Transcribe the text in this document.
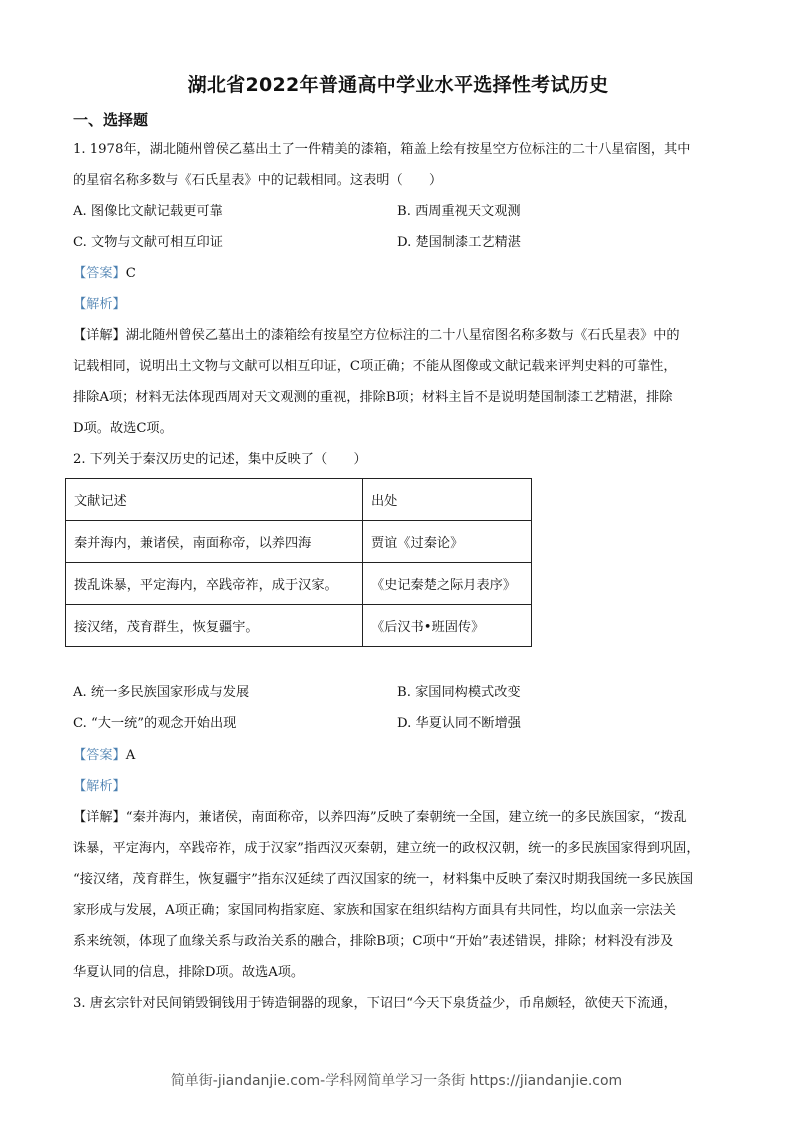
湖北省2022年普通高中学业水平选择性考试历史
一、选择题
1. 1978年，湖北随州曾侯乙墓出土了一件精美的漆箱，箱盖上绘有按星空方位标注的二十八星宿图，其中
的星宿名称多数与《石氏星表》中的记载相同。这表明（　　）
A. 图像比文献记载更可靠	B. 西周重视天文观测
C. 文物与文献可相互印证	D. 楚国制漆工艺精湛
【答案】C
【解析】
【详解】湖北随州曾侯乙墓出土的漆箱绘有按星空方位标注的二十八星宿图名称多数与《石氏星表》中的
记载相同，说明出土文物与文献可以相互印证，C项正确；不能从图像或文献记载来评判史料的可靠性，
排除A项；材料无法体现西周对天文观测的重视，排除B项；材料主旨不是说明楚国制漆工艺精湛，排除
D项。故选C项。
2. 下列关于秦汉历史的记述，集中反映了（　　）
文献记述	出处
秦并海内，兼诸侯，南面称帝，以养四海	贾谊《过秦论》
拨乱诛暴，平定海内，卒践帝祚，成于汉家。	《史记秦楚之际月表序》
接汉绪，茂育群生，恢复疆宇。	《后汉书•班固传》
A. 统一多民族国家形成与发展	B. 家国同构模式改变
C. “大一统”的观念开始出现	D. 华夏认同不断增强
【答案】A
【解析】
【详解】“秦并海内，兼诸侯，南面称帝，以养四海”反映了秦朝统一全国，建立统一的多民族国家，“拨乱
诛暴，平定海内，卒践帝祚，成于汉家”指西汉灭秦朝，建立统一的政权汉朝，统一的多民族国家得到巩固，
“接汉绪，茂育群生，恢复疆宇”指东汉延续了西汉国家的统一，材料集中反映了秦汉时期我国统一多民族国
家形成与发展，A项正确；家国同构指家庭、家族和国家在组织结构方面具有共同性，均以血亲一宗法关
系来统领，体现了血缘关系与政治关系的融合，排除B项；C项中“开始”表述错误，排除；材料没有涉及
华夏认同的信息，排除D项。故选A项。
3. 唐玄宗针对民间销毁铜钱用于铸造铜器的现象，下诏曰“今天下泉货益少，币帛颇轻，欲使天下流通，
简单街-jiandanjie.com-学科网简单学习一条街 https://jiandanjie.com
